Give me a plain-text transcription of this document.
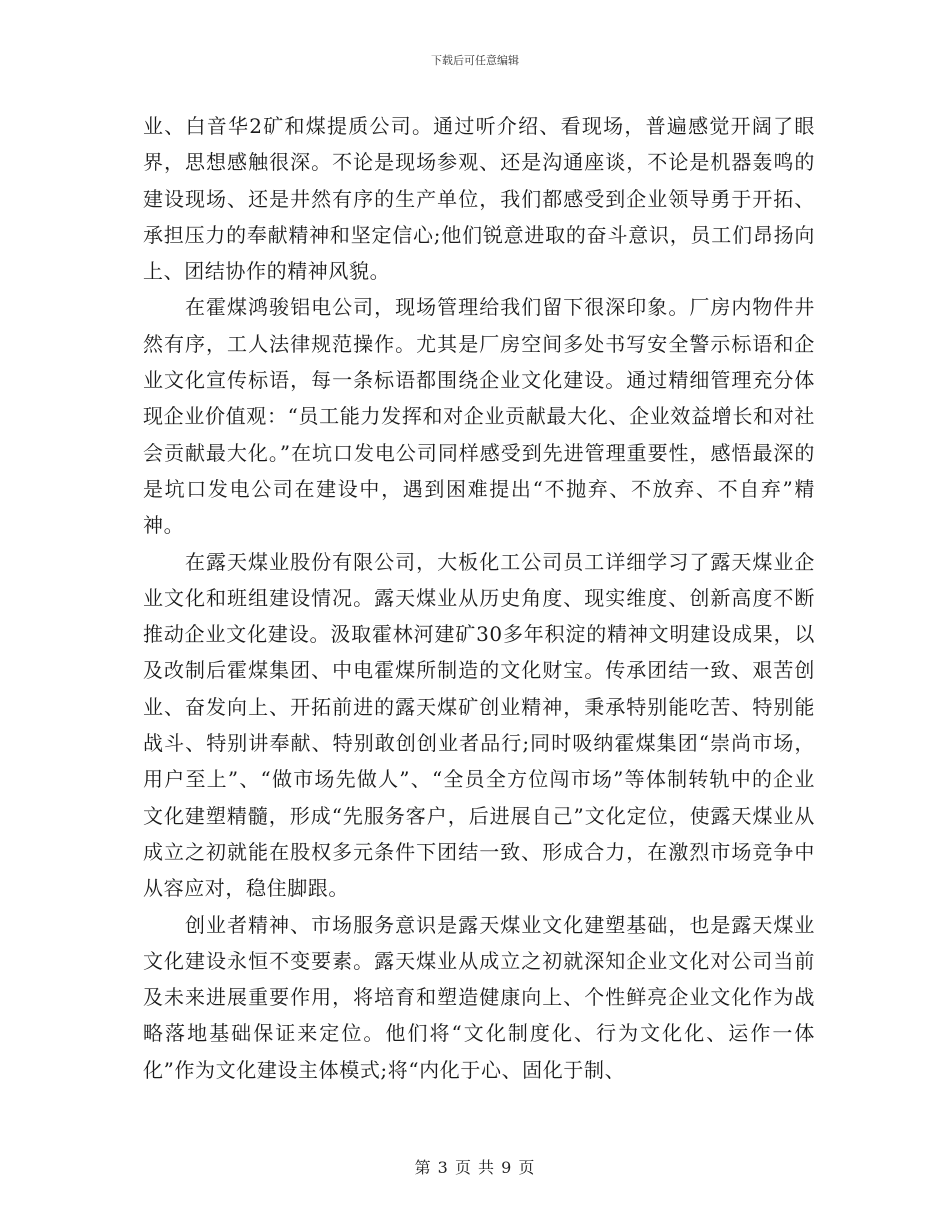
下载后可任意编辑

业、白音华2矿和煤提质公司。通过听介绍、看现场，普遍感觉开阔了眼界，思想感触很深。不论是现场参观、还是沟通座谈，不论是机器轰鸣的建设现场、还是井然有序的生产单位，我们都感受到企业领导勇于开拓、承担压力的奉献精神和坚定信心;他们锐意进取的奋斗意识，员工们昂扬向上、团结协作的精神风貌。

在霍煤鸿骏铝电公司，现场管理给我们留下很深印象。厂房内物件井然有序，工人法律规范操作。尤其是厂房空间多处书写安全警示标语和企业文化宣传标语，每一条标语都围绕企业文化建设。通过精细管理充分体现企业价值观：“员工能力发挥和对企业贡献最大化、企业效益增长和对社会贡献最大化。”在坑口发电公司同样感受到先进管理重要性，感悟最深的是坑口发电公司在建设中，遇到困难提出“不抛弃、不放弃、不自弃”精神。

在露天煤业股份有限公司，大板化工公司员工详细学习了露天煤业企业文化和班组建设情况。露天煤业从历史角度、现实维度、创新高度不断推动企业文化建设。汲取霍林河建矿30多年积淀的精神文明建设成果，以及改制后霍煤集团、中电霍煤所制造的文化财宝。传承团结一致、艰苦创业、奋发向上、开拓前进的露天煤矿创业精神，秉承特别能吃苦、特别能战斗、特别讲奉献、特别敢创创业者品行;同时吸纳霍煤集团“崇尚市场，用户至上”、“做市场先做人”、“全员全方位闯市场”等体制转轨中的企业文化建塑精髓，形成“先服务客户，后进展自己”文化定位，使露天煤业从成立之初就能在股权多元条件下团结一致、形成合力，在激烈市场竞争中从容应对，稳住脚跟。

创业者精神、市场服务意识是露天煤业文化建塑基础，也是露天煤业文化建设永恒不变要素。露天煤业从成立之初就深知企业文化对公司当前及未来进展重要作用，将培育和塑造健康向上、个性鲜亮企业文化作为战略落地基础保证来定位。他们将“文化制度化、行为文化化、运作一体化”作为文化建设主体模式;将“内化于心、固化于制、

第 3 页 共 9 页
